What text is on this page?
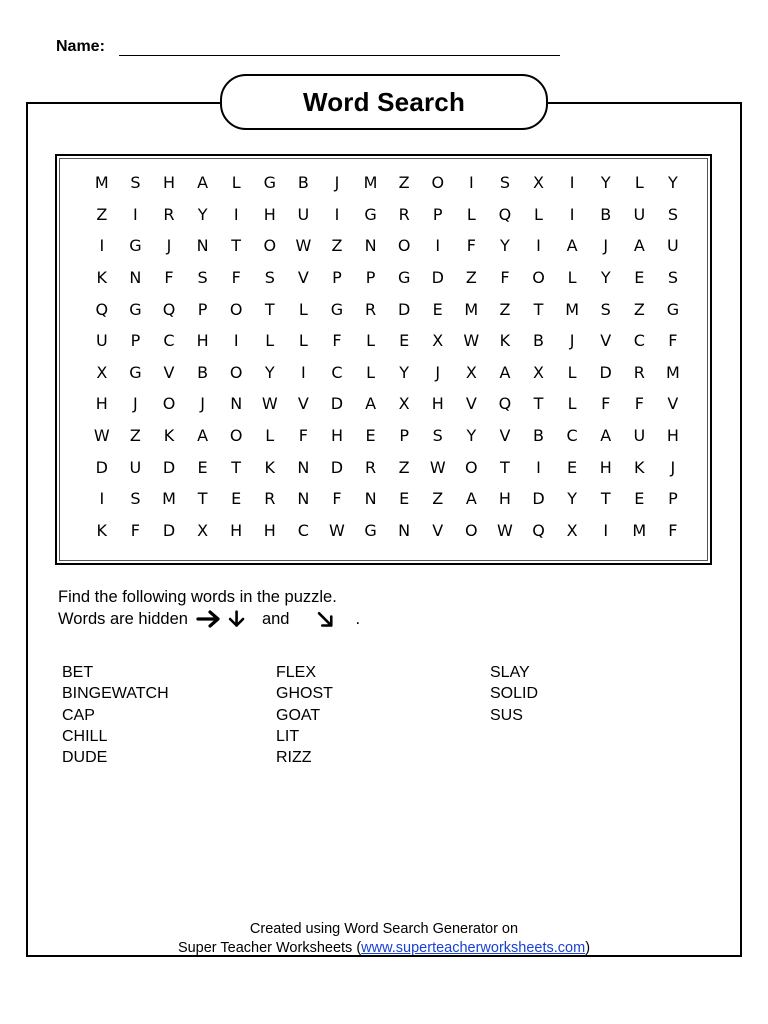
Name:
Word Search
M	S	H	A	L	G	B	J	M	Z	O	I	S	X	I	Y	L	Y
Z	I	R	Y	I	H	U	I	G	R	P	L	Q	L	I	B	U	S
I	G	J	N	T	O	W	Z	N	O	I	F	Y	I	A	J	A	U
K	N	F	S	F	S	V	P	P	G	D	Z	F	O	L	Y	E	S
Q	G	Q	P	O	T	L	G	R	D	E	M	Z	T	M	S	Z	G
U	P	C	H	I	L	L	F	L	E	X	W	K	B	J	V	C	F
X	G	V	B	O	Y	I	C	L	Y	J	X	A	X	L	D	R	M
H	J	O	J	N	W	V	D	A	X	H	V	Q	T	L	F	F	V
W	Z	K	A	O	L	F	H	E	P	S	Y	V	B	C	A	U	H
D	U	D	E	T	K	N	D	R	Z	W	O	T	I	E	H	K	J
I	S	M	T	E	R	N	F	N	E	Z	A	H	D	Y	T	E	P
K	F	D	X	H	H	C	W	G	N	V	O	W	Q	X	I	M	F
Find the following words in the puzzle.
Words are hidden	and	.
BET
BINGEWATCH
CAP
CHILL
DUDE
FLEX
GHOST
GOAT
LIT
RIZZ
SLAY
SOLID
SUS
Created using Word Search Generator on
Super Teacher Worksheets (www.superteacherworksheets.com)
